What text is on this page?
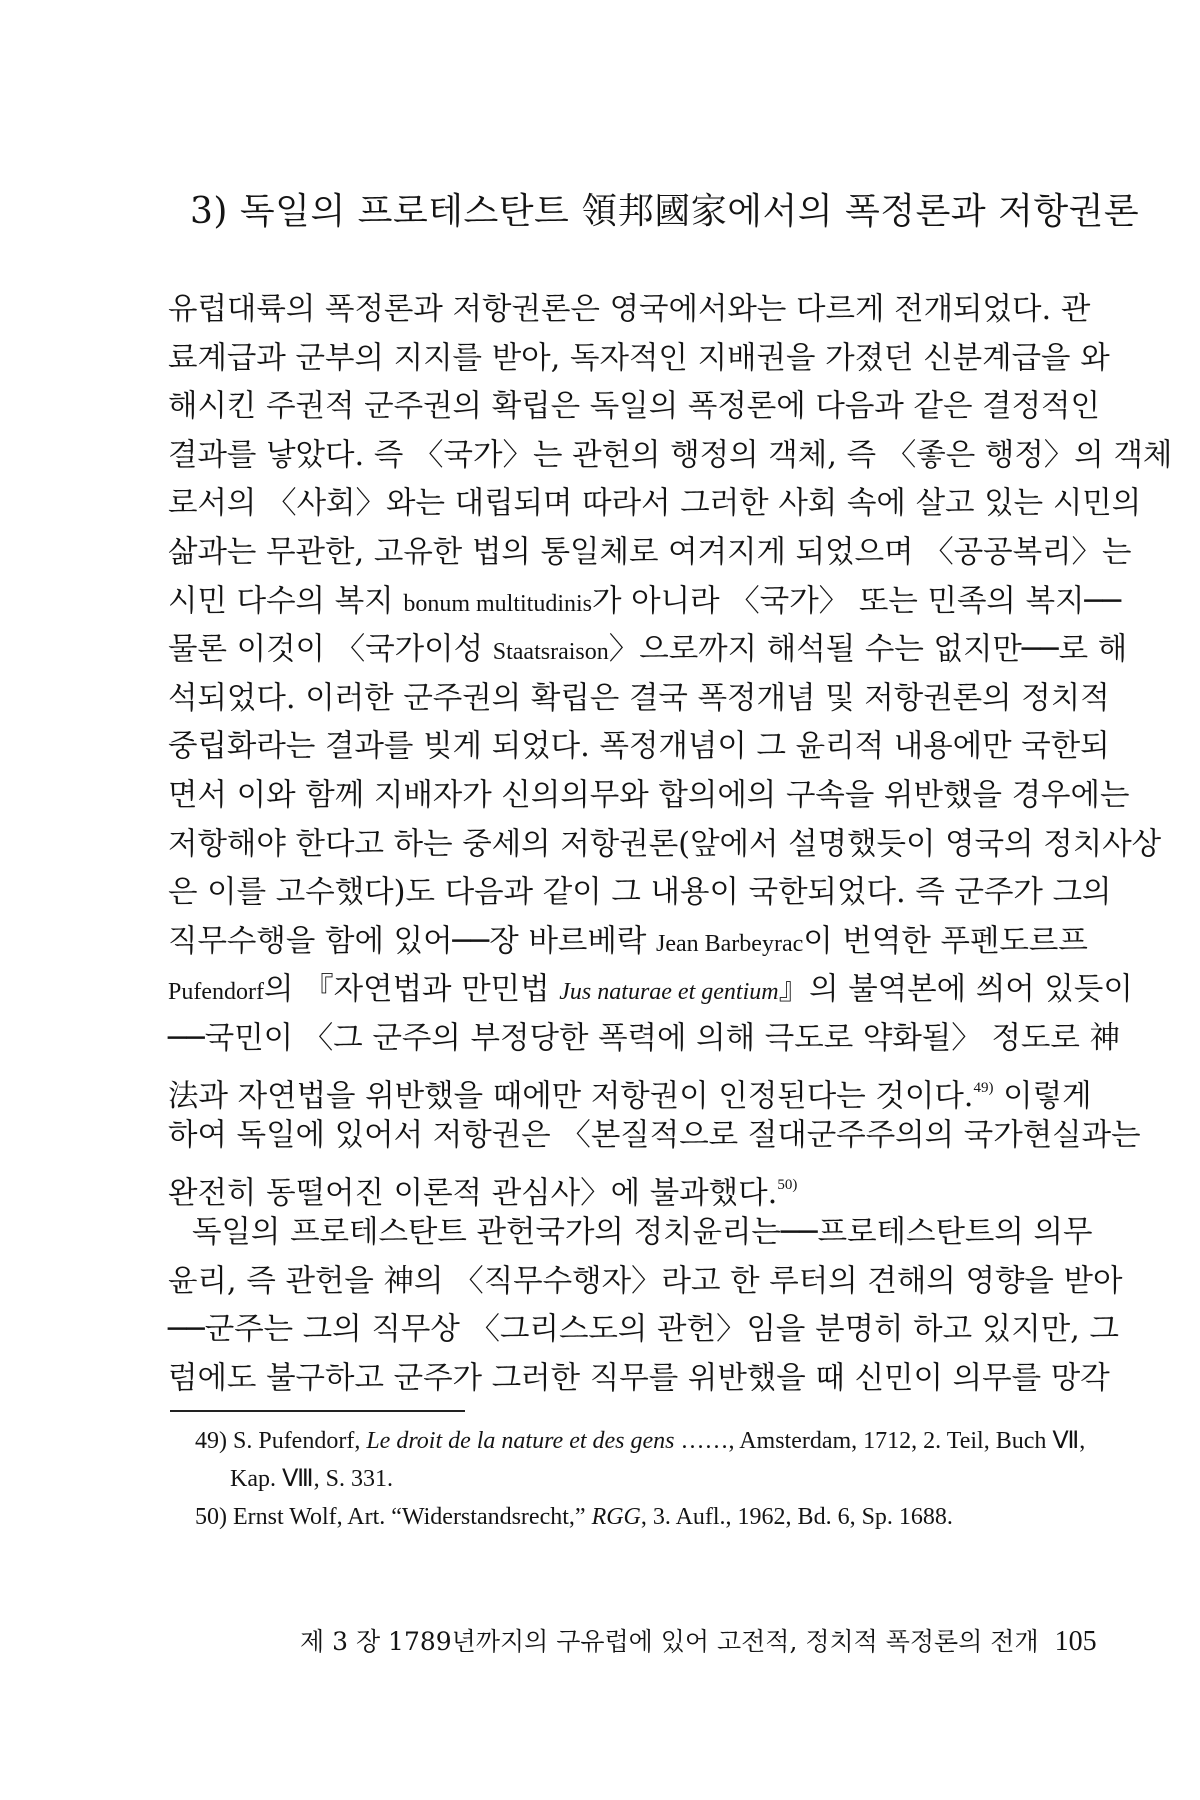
3) 독일의 프로테스탄트 領邦國家에서의 폭정론과 저항권론
유럽대륙의 폭정론과 저항권론은 영국에서와는 다르게 전개되었다. 관
료계급과 군부의 지지를 받아, 독자적인 지배권을 가졌던 신분계급을 와
해시킨 주권적 군주권의 확립은 독일의 폭정론에 다음과 같은 결정적인
결과를 낳았다. 즉 〈국가〉는 관헌의 행정의 객체, 즉 〈좋은 행정〉의 객체
로서의 〈사회〉와는 대립되며 따라서 그러한 사회 속에 살고 있는 시민의
삶과는 무관한, 고유한 법의 통일체로 여겨지게 되었으며 〈공공복리〉는
시민 다수의 복지 bonum multitudinis가 아니라 〈국가〉 또는 민족의 복지──
물론 이것이 〈국가이성 Staatsraison〉으로까지 해석될 수는 없지만──로 해
석되었다. 이러한 군주권의 확립은 결국 폭정개념 및 저항권론의 정치적
중립화라는 결과를 빚게 되었다. 폭정개념이 그 윤리적 내용에만 국한되
면서 이와 함께 지배자가 신의의무와 합의에의 구속을 위반했을 경우에는
저항해야 한다고 하는 중세의 저항권론(앞에서 설명했듯이 영국의 정치사상
은 이를 고수했다)도 다음과 같이 그 내용이 국한되었다. 즉 군주가 그의
직무수행을 함에 있어──장 바르베락 Jean Barbeyrac이 번역한 푸펜도르프
Pufendorf의 『자연법과 만민법 Jus naturae et gentium』의 불역본에 씌어 있듯이
──국민이 〈그 군주의 부정당한 폭력에 의해 극도로 약화될〉 정도로 神
法과 자연법을 위반했을 때에만 저항권이 인정된다는 것이다.$^{49)}$ 이렇게
하여 독일에 있어서 저항권은 〈본질적으로 절대군주주의의 국가현실과는
완전히 동떨어진 이론적 관심사〉에 불과했다.$^{50)}$
독일의 프로테스탄트 관헌국가의 정치윤리는──프로테스탄트의 의무
윤리, 즉 관헌을 神의 〈직무수행자〉라고 한 루터의 견해의 영향을 받아
──군주는 그의 직무상 〈그리스도의 관헌〉임을 분명히 하고 있지만, 그
럼에도 불구하고 군주가 그러한 직무를 위반했을 때 신민이 의무를 망각
49) S. Pufendorf, Le droit de la nature et des gens ……, Amsterdam, 1712, 2. Teil, Buch Ⅶ,
Kap. Ⅷ, S. 331.
50) Ernst Wolf, Art. “Widerstandsrecht,” RGG, 3. Aufl., 1962, Bd. 6, Sp. 1688.
제 3 장 1789년까지의 구유럽에 있어 고전적, 정치적 폭정론의 전개 105
